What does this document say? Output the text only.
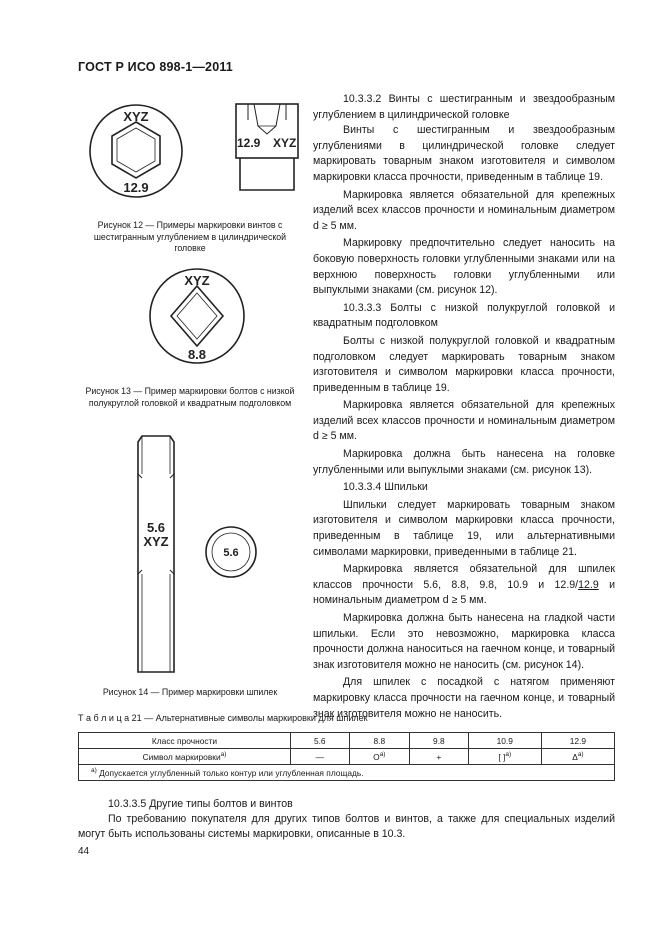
ГОСТ Р ИСО 898-1—2011
XYZ
12.9
12.9 XYZ
Рисунок 12 — Примеры маркировки винтов с шестигранным углублением в цилиндрической головке
XYZ
8.8
Рисунок 13 — Пример маркировки болтов с низкой полукруглой головкой и квадратным подголовком
5.6
XYZ
5.6
Рисунок 14 — Пример маркировки шпилек

10.3.3.2 Винты с шестигранным и звездообразным углублением в цилиндрической головке

Винты с шестигранным и звездообразным углублениями в цилиндрической головке следует маркировать товарным знаком изготовителя и символом маркировки класса прочности, приведенным в таблице 19.

Маркировка является обязательной для крепежных изделий всех классов прочности и номинальным диаметром d ≥ 5 мм.

Маркировку предпочтительно следует наносить на боковую поверхность головки углубленными знаками или на верхнюю поверхность головки углубленными или выпуклыми знаками (см. рисунок 12).

10.3.3.3 Болты с низкой полукруглой головкой и квадратным подголовком

Болты с низкой полукруглой головкой и квадратным подголовком следует маркировать товарным знаком изготовителя и символом маркировки класса прочности, приведенным в таблице 19.

Маркировка является обязательной для крепежных изделий всех классов прочности и номинальным диаметром d ≥ 5 мм.

Маркировка должна быть нанесена на головке углубленными или выпуклыми знаками (см. рисунок 13).

10.3.3.4 Шпильки

Шпильки следует маркировать товарным знаком изготовителя и символом маркировки класса прочности, приведенным в таблице 19, или альтернативными символами маркировки, приведенными в таблице 21.

Маркировка является обязательной для шпилек классов прочности 5.6, 8.8, 9.8, 10.9 и 12.9/12.9 и номинальным диаметром d ≥ 5 мм.

Маркировка должна быть нанесена на гладкой части шпильки. Если это невозможно, маркировка класса прочности должна наноситься на гаечном конце, и товарный знак изготовителя можно не наносить (см. рисунок 14).

Для шпилек с посадкой с натягом применяют маркировку класса прочности на гаечном конце, и товарный знак изготовителя можно не наносить.

Т а б л и ц а 21 — Альтернативные символы маркировки для шпилек
Класс прочности	5.6	8.8	9.8	10.9	12.9
Символ маркировки$^{a)}$	—	$O^{a)}$	+	[ ]$^{a)}$	$\Delta^{a)}$
$^{a)}$ Допускается углубленный только контур или углубленная площадь.					

10.3.3.5 Другие типы болтов и винтов

По требованию покупателя для других типов болтов и винтов, а также для специальных изделий могут быть использованы системы маркировки, описанные в 10.3.

44
